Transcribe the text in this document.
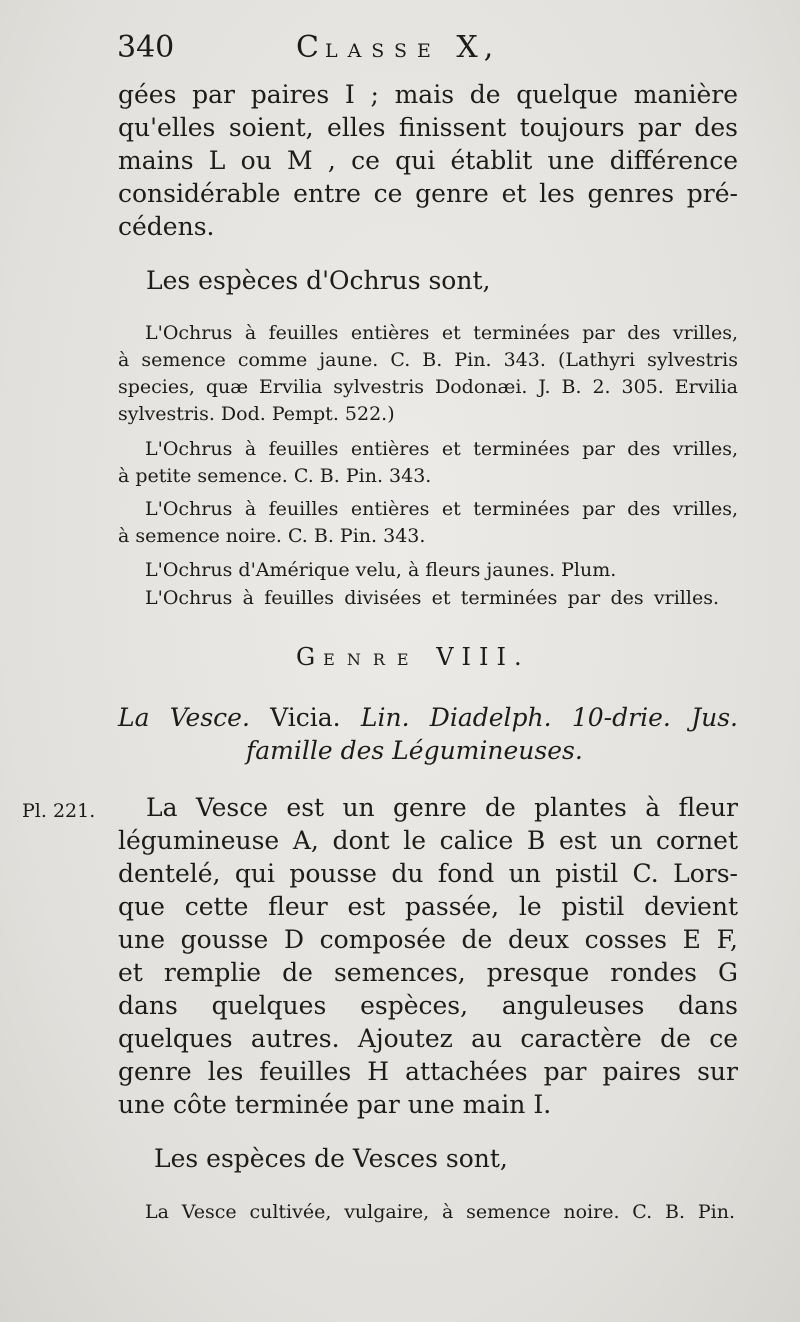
340	CLASSE X,
gées par paires I ; mais de quelque manière
qu'elles soient, elles finissent toujours par des
mains L ou M , ce qui établit une différence
considérable entre ce genre et les genres pré-
cédens.
Les espèces d'Ochrus sont,
L'Ochrus à feuilles entières et terminées par des vrilles,
à semence comme jaune. C. B. Pin. 343. (Lathyri sylvestris
species, quæ Ervilia sylvestris Dodonæi. J. B. 2. 305. Ervilia
sylvestris. Dod. Pempt. 522.)
L'Ochrus à feuilles entières et terminées par des vrilles,
à petite semence. C. B. Pin. 343.
L'Ochrus à feuilles entières et terminées par des vrilles,
à semence noire. C. B. Pin. 343.
L'Ochrus d'Amérique velu, à fleurs jaunes. Plum.
L'Ochrus à feuilles divisées et terminées par des vrilles.
GENRE VIII.
La Vesce. Vicia. Lin. Diadelph. 10-drie. Jus.
famille des Légumineuses.
Pl. 221. La Vesce est un genre de plantes à fleur
légumineuse A, dont le calice B est un cornet
dentelé, qui pousse du fond un pistil C. Lors-
que cette fleur est passée, le pistil devient
une gousse D composée de deux cosses E F,
et remplie de semences, presque rondes G
dans quelques espèces, anguleuses dans
quelques autres. Ajoutez au caractère de ce
genre les feuilles H attachées par paires sur
une côte terminée par une main I.
Les espèces de Vesces sont,
La Vesce cultivée, vulgaire, à semence noire. C. B. Pin.
